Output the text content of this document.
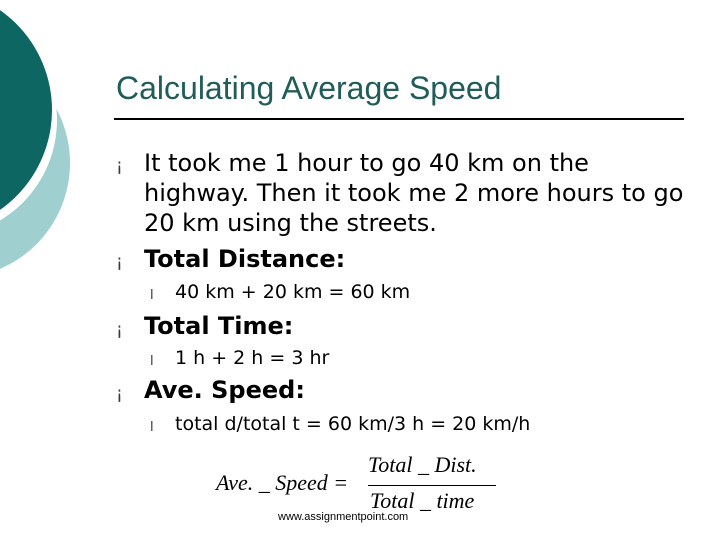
Calculating Average Speed
¡ It took me 1 hour to go 40 km on the highway. Then it took me 2 more hours to go 20 km using the streets.
¡ Total Distance:
l 40 km + 20 km = 60 km
¡ Total Time:
l 1 h + 2 h = 3 hr
¡ Ave. Speed:
l total d/total t = 60 km/3 h = 20 km/h
Ave. _ Speed =
Total _ Dist.
Total _ time
www.assignmentpoint.com
